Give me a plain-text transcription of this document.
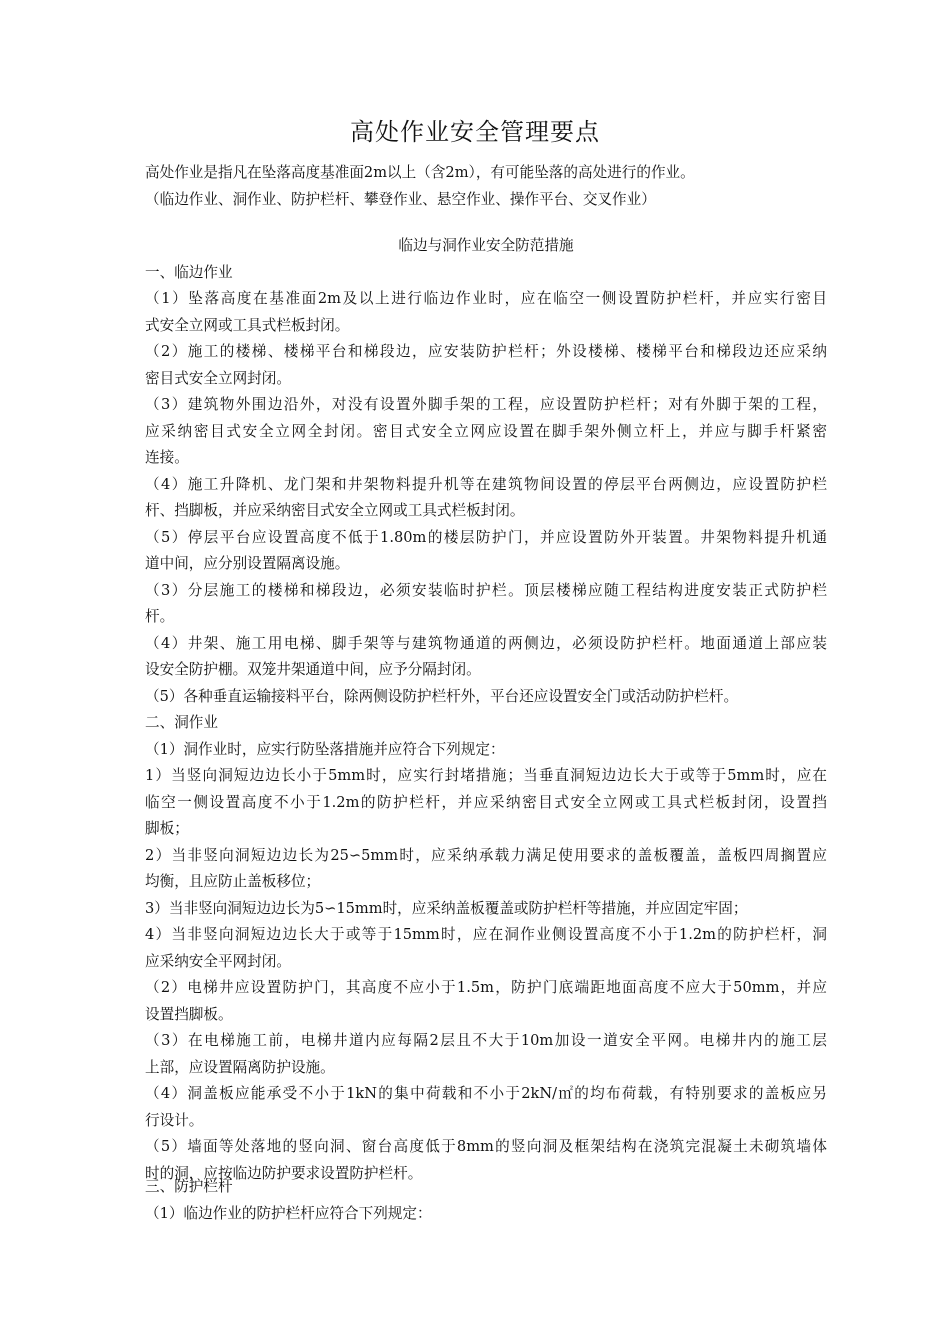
高处作业安全管理要点
高处作业是指凡在坠落高度基准面2m以上（含2m），有可能坠落的高处进行的作业。
（临边作业、洞作业、防护栏杆、攀登作业、悬空作业、操作平台、交叉作业）
临边与洞作业安全防范措施
一、临边作业
（1）坠落高度在基准面2m及以上进行临边作业时，应在临空一侧设置防护栏杆，并应实行密目
式安全立网或工具式栏板封闭。
（2）施工的楼梯、楼梯平台和梯段边，应安装防护栏杆；外设楼梯、楼梯平台和梯段边还应采纳
密目式安全立网封闭。
（3）建筑物外围边沿外，对没有设置外脚手架的工程，应设置防护栏杆；对有外脚于架的工程，
应采纳密目式安全立网全封闭。密目式安全立网应设置在脚手架外侧立杆上，并应与脚手杆紧密
连接。
（4）施工升降机、龙门架和井架物料提升机等在建筑物间设置的停层平台两侧边，应设置防护栏
杆、挡脚板，并应采纳密目式安全立网或工具式栏板封闭。
（5）停层平台应设置高度不低于1.80m的楼层防护门，并应设置防外开装置。井架物料提升机通
道中间，应分别设置隔离设施。
（3）分层施工的楼梯和梯段边，必须安装临时护栏。顶层楼梯应随工程结构进度安装正式防护栏
杆。
（4）井架、施工用电梯、脚手架等与建筑物通道的两侧边，必须设防护栏杆。地面通道上部应装
设安全防护棚。双笼井架通道中间，应予分隔封闭。
（5）各种垂直运输接料平台，除两侧设防护栏杆外，平台还应设置安全门或活动防护栏杆。
二、洞作业
（1）洞作业时，应实行防坠落措施并应符合下列规定：
1）当竖向洞短边边长小于5mm时，应实行封堵措施；当垂直洞短边边长大于或等于5mm时，应在
临空一侧设置高度不小于1.2m的防护栏杆，并应采纳密目式安全立网或工具式栏板封闭，设置挡
脚板；
2）当非竖向洞短边边长为25∽5mm时，应采纳承载力满足使用要求的盖板覆盖，盖板四周搁置应
均衡，且应防止盖板移位；
3）当非竖向洞短边边长为5∽15mm时，应采纳盖板覆盖或防护栏杆等措施，并应固定牢固；
4）当非竖向洞短边边长大于或等于15mm时，应在洞作业侧设置高度不小于1.2m的防护栏杆，洞
应采纳安全平网封闭。
（2）电梯井应设置防护门，其高度不应小于1.5m，防护门底端距地面高度不应大于50mm，并应
设置挡脚板。
（3）在电梯施工前，电梯井道内应每隔2层且不大于10m加设一道安全平网。电梯井内的施工层
上部，应设置隔离防护设施。
（4）洞盖板应能承受不小于1kN的集中荷载和不小于2kN/㎡的均布荷载，有特别要求的盖板应另
行设计。
（5）墙面等处落地的竖向洞、窗台高度低于8mm的竖向洞及框架结构在浇筑完混凝土未砌筑墙体
时的洞，应按临边防护要求设置防护栏杆。
三、防护栏杆
（1）临边作业的防护栏杆应符合下列规定：
